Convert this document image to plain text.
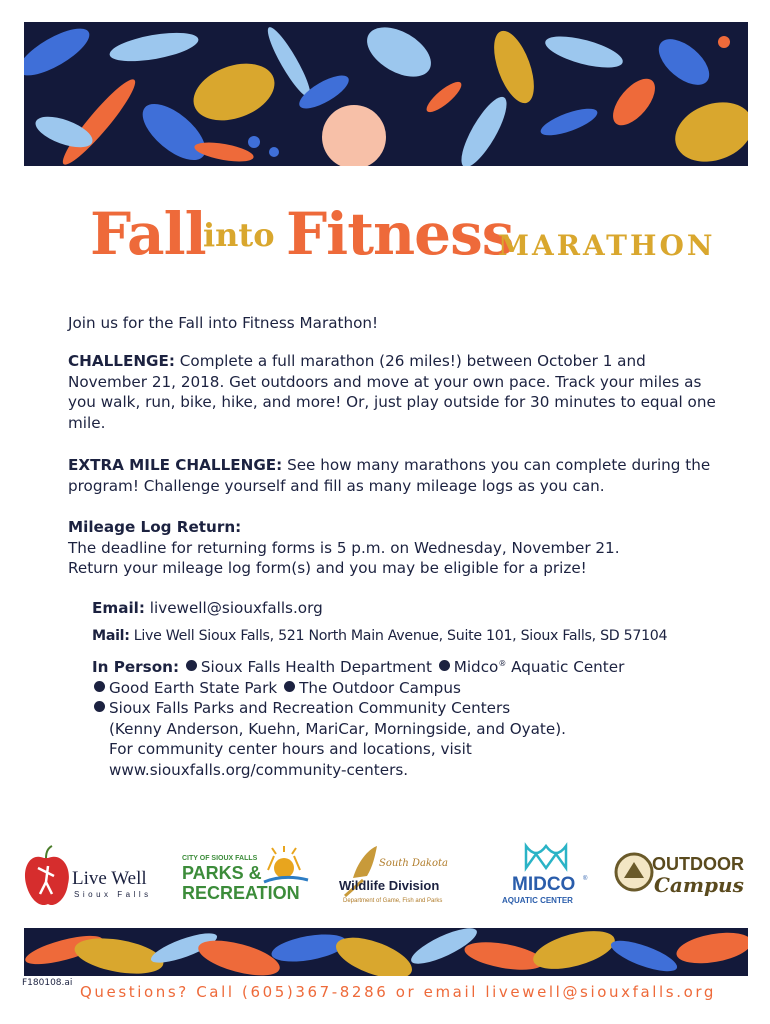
Fall
into Fitness
MARATHON

Join us for the Fall into Fitness Marathon!

CHALLENGE: Complete a full marathon (26 miles!) between October 1 and November 21, 2018. Get outdoors and move at your own pace. Track your miles as you walk, run, bike, hike, and more! Or, just play outside for 30 minutes to equal one mile.

EXTRA MILE CHALLENGE: See how many marathons you can complete during the program! Challenge yourself and fill as many mileage logs as you can.

Mileage Log Return:

The deadline for returning forms is 5 p.m. on Wednesday, November 21.

Return your mileage log form(s) and you may be eligible for a prize!

Email: livewell@siouxfalls.org
Mail: Live Well Sioux Falls, 521 North Main Avenue, Suite 101, Sioux Falls, SD 57104
In Person: Sioux Falls Health Department Midco® Aquatic Center
Good Earth State Park The Outdoor Campus
Sioux Falls Parks and Recreation Community Centers
(Kenny Anderson, Kuehn, MariCar, Morningside, and Oyate).
For community center hours and locations, visit
www.siouxfalls.org/community-centers.
Live Well
Sioux Falls
CITY OF SIOUX FALLS
PARKS &
RECREATION
South Dakota
Wildlife Division
Department of Game, Fish and Parks
MIDCO ®
AQUATIC CENTER
OUTDOOR
Campus
F180108.ai Questions? Call (605)367-8286 or email livewell@siouxfalls.org
